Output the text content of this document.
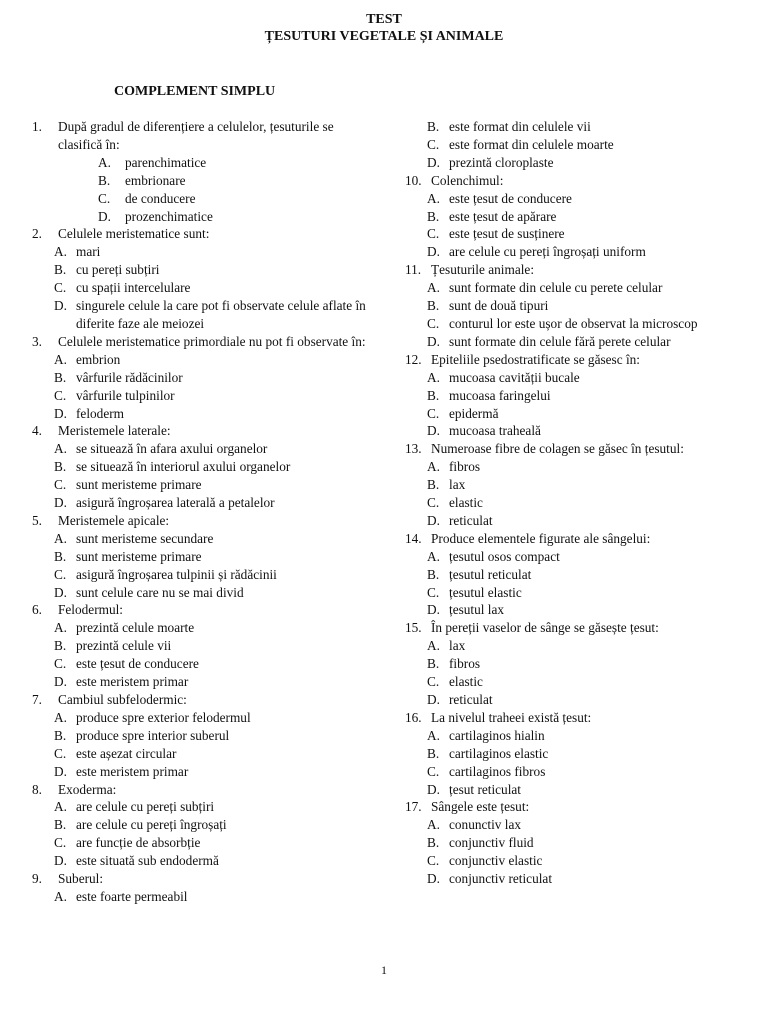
TEST
ȚESUTURI VEGETALE ȘI ANIMALE
COMPLEMENT SIMPLU
1.	După gradul de diferențiere a celulelor, țesuturile se clasifică în:
A.	parenchimatice
B.	embrionare
C.	de conducere
D.	prozenchimatice
2.	Celulele meristematice sunt:
A. mari
B. cu pereți subțiri
C. cu spații intercelulare
D. singurele celule la care pot fi observate celule aflate în diferite faze ale meiozei
3.	Celulele meristematice primordiale nu pot fi observate în:
A. embrion
B. vârfurile rădăcinilor
C. vârfurile tulpinilor
D. feloderm
4.	Meristemele laterale:
A. se situează în afara axului organelor
B. se situează în interiorul axului organelor
C. sunt meristeme primare
D. asigură îngroșarea laterală a petalelor
5.	Meristemele apicale:
A. sunt meristeme secundare
B. sunt meristeme primare
C. asigură îngroșarea tulpinii și rădăcinii
D. sunt celule care nu se mai divid
6.	Felodermul:
A. prezintă celule moarte
B. prezintă celule vii
C. este țesut de conducere
D. este meristem primar
7.	Cambiul subfelodermic:
A. produce spre exterior felodermul
B. produce spre interior suberul
C. este așezat circular
D. este meristem primar
8.	Exoderma:
A. are celule cu pereți subțiri
B. are celule cu pereți îngroșați
C. are funcție de absorbție
D. este situată sub endodermă
9.	Suberul:
A. este foarte permeabil
B. este format din celulele vii
C. este format din celulele moarte
D. prezintă cloroplaste
10. Colenchimul:
A. este țesut de conducere
B. este țesut de apărare
C. este țesut de susținere
D. are celule cu pereți îngroșați uniform
11. Țesuturile animale:
A. sunt formate din celule cu perete celular
B. sunt de două tipuri
C. conturul lor este ușor de observat la microscop
D. sunt formate din celule fără perete celular
12. Epiteliile psedostratificate se găsesc în:
A. mucoasa cavității bucale
B. mucoasa faringelui
C. epidermă
D. mucoasa traheală
13. Numeroase fibre de colagen se găsec în țesutul:
A. fibros
B. lax
C. elastic
D. reticulat
14. Produce elementele figurate ale sângelui:
A. țesutul osos compact
B. țesutul reticulat
C. țesutul elastic
D. țesutul lax
15. În pereții vaselor de sânge se găsește țesut:
A. lax
B. fibros
C. elastic
D. reticulat
16. La nivelul traheei există țesut:
A. cartilaginos hialin
B. cartilaginos elastic
C. cartilaginos fibros
D. țesut reticulat
17. Sângele este țesut:
A. conunctiv lax
B. conjunctiv fluid
C. conjunctiv elastic
D. conjunctiv reticulat
1
